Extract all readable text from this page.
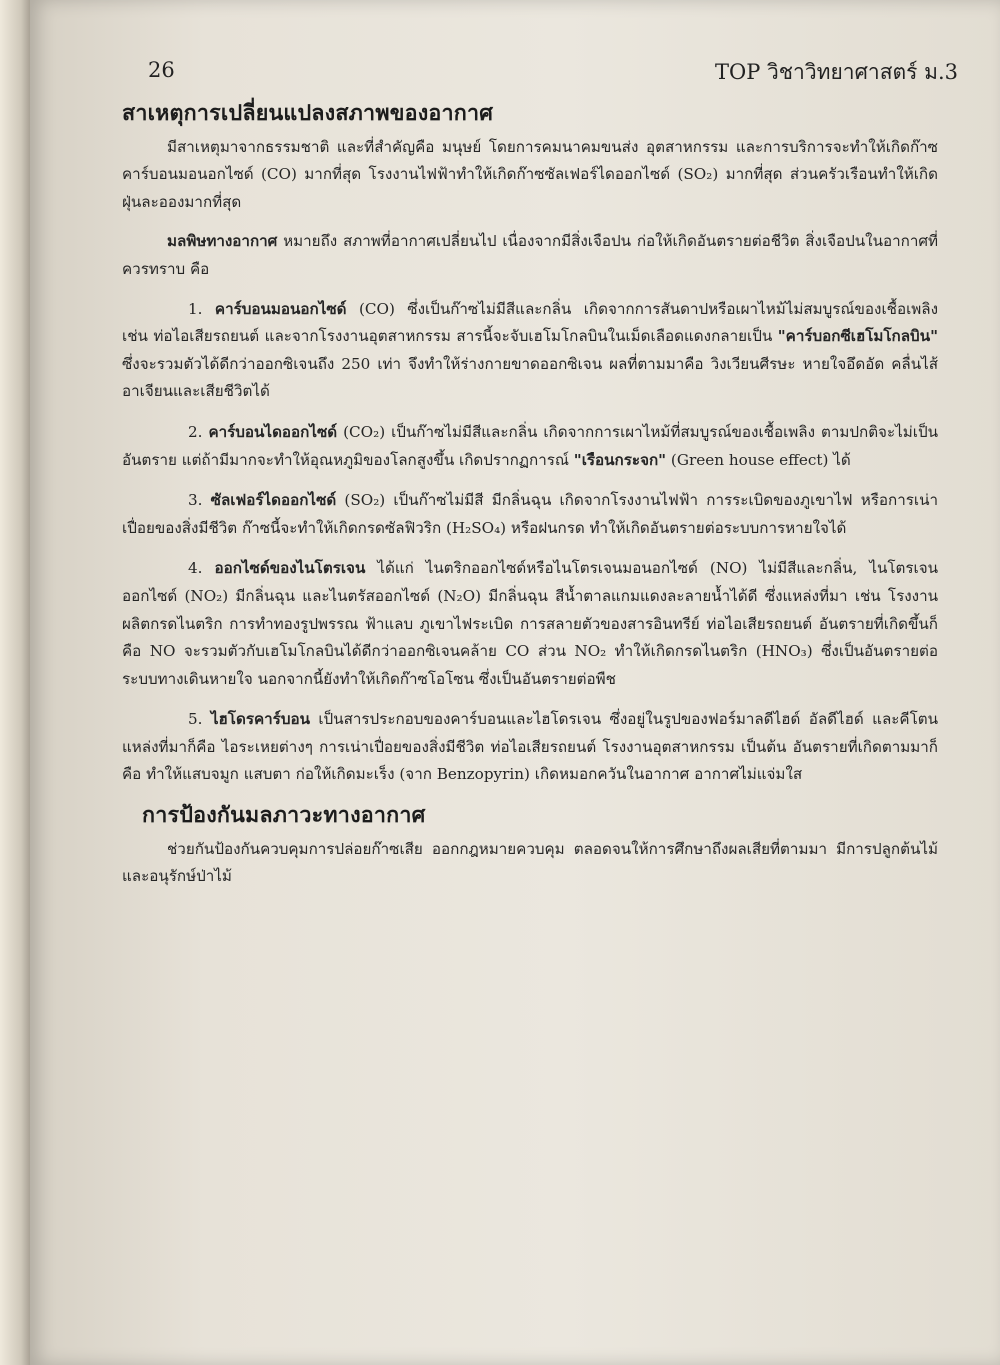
26	TOP วิชาวิทยาศาสตร์ ม.3
สาเหตุการเปลี่ยนแปลงสภาพของอากาศ

มีสาเหตุมาจากธรรมชาติ และที่สำคัญคือ มนุษย์ โดยการคมนาคมขนส่ง อุตสาหกรรม และการบริการจะทำให้เกิดก๊าซคาร์บอนมอนอกไซด์ (CO) มากที่สุด โรงงานไฟฟ้าทำให้เกิดก๊าซซัลเฟอร์ไดออกไซด์ (SO₂) มากที่สุด ส่วนครัวเรือนทำให้เกิดฝุ่นละอองมากที่สุด

มลพิษทางอากาศ หมายถึง สภาพที่อากาศเปลี่ยนไป เนื่องจากมีสิ่งเจือปน ก่อให้เกิดอันตรายต่อชีวิต สิ่งเจือปนในอากาศที่ควรทราบ คือ

1. คาร์บอนมอนอกไซด์ (CO) ซึ่งเป็นก๊าซไม่มีสีและกลิ่น เกิดจากการสันดาปหรือเผาไหม้ไม่สมบูรณ์ของเชื้อเพลิง เช่น ท่อไอเสียรถยนต์ และจากโรงงานอุตสาหกรรม สารนี้จะจับเฮโมโกลบินในเม็ดเลือดแดงกลายเป็น "คาร์บอกซีเฮโมโกลบิน" ซึ่งจะรวมตัวได้ดีกว่าออกซิเจนถึง 250 เท่า จึงทำให้ร่างกายขาดออกซิเจน ผลที่ตามมาคือ วิงเวียนศีรษะ หายใจอึดอัด คลื่นไส้อาเจียนและเสียชีวิตได้

2. คาร์บอนไดออกไซด์ (CO₂) เป็นก๊าซไม่มีสีและกลิ่น เกิดจากการเผาไหม้ที่สมบูรณ์ของเชื้อเพลิง ตามปกติจะไม่เป็นอันตราย แต่ถ้ามีมากจะทำให้อุณหภูมิของโลกสูงขึ้น เกิดปรากฏการณ์ "เรือนกระจก" (Green house effect) ได้

3. ซัลเฟอร์ไดออกไซด์ (SO₂) เป็นก๊าซไม่มีสี มีกลิ่นฉุน เกิดจากโรงงานไฟฟ้า การระเบิดของภูเขาไฟ หรือการเน่าเปื่อยของสิ่งมีชีวิต ก๊าซนี้จะทำให้เกิดกรดซัลฟิวริก (H₂SO₄) หรือฝนกรด ทำให้เกิดอันตรายต่อระบบการหายใจได้

4. ออกไซด์ของไนโตรเจน ได้แก่ ไนตริกออกไซด์หรือไนโตรเจนมอนอกไซด์ (NO) ไม่มีสีและกลิ่น, ไนโตรเจนออกไซด์ (NO₂) มีกลิ่นฉุน และไนตรัสออกไซด์ (N₂O) มีกลิ่นฉุน สีน้ำตาลแกมแดงละลายน้ำได้ดี ซึ่งแหล่งที่มา เช่น โรงงานผลิตกรดไนตริก การทำทองรูปพรรณ ฟ้าแลบ ภูเขาไฟระเบิด การสลายตัวของสารอินทรีย์ ท่อไอเสียรถยนต์ อันตรายที่เกิดขึ้นก็คือ NO จะรวมตัวกับเฮโมโกลบินได้ดีกว่าออกซิเจนคล้าย CO ส่วน NO₂ ทำให้เกิดกรดไนตริก (HNO₃) ซึ่งเป็นอันตรายต่อระบบทางเดินหายใจ นอกจากนี้ยังทำให้เกิดก๊าซโอโซน ซึ่งเป็นอันตรายต่อพืช

5. ไฮโดรคาร์บอน เป็นสารประกอบของคาร์บอนและไฮโดรเจน ซึ่งอยู่ในรูปของฟอร์มาลดีไฮด์ อัลดีไฮด์ และคีโตน แหล่งที่มาก็คือ ไอระเหยต่างๆ การเน่าเปื่อยของสิ่งมีชีวิต ท่อไอเสียรถยนต์ โรงงานอุตสาหกรรม เป็นต้น อันตรายที่เกิดตามมาก็คือ ทำให้แสบจมูก แสบตา ก่อให้เกิดมะเร็ง (จาก Benzopyrin) เกิดหมอกควันในอากาศ อากาศไม่แจ่มใส

การป้องกันมลภาวะทางอากาศ

ช่วยกันป้องกันควบคุมการปล่อยก๊าซเสีย ออกกฎหมายควบคุม ตลอดจนให้การศึกษาถึงผลเสียที่ตามมา มีการปลูกต้นไม้ และอนุรักษ์ป่าไม้
